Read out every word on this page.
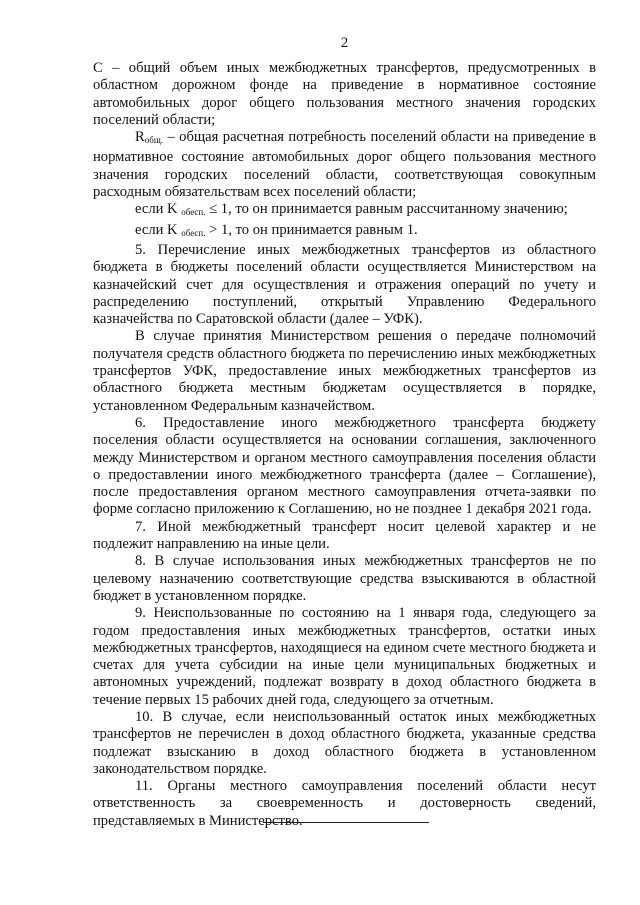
2

С – общий объем иных межбюджетных трансфертов, предусмотренных в областном дорожном фонде на приведение в нормативное состояние автомобильных дорог общего пользования местного значения городских поселений области;

$R_{общ.}$ – общая расчетная потребность поселений области на приведение в нормативное состояние автомобильных дорог общего пользования местного значения городских поселений области, соответствующая совокупным расходным обязательствам всех поселений области;

если K $_{обесп.}$ ≤ 1, то он принимается равным рассчитанному значению;

если K $_{обесп.}$ > 1, то он принимается равным 1.

5. Перечисление иных межбюджетных трансфертов из областного бюджета в бюджеты поселений области осуществляется Министерством на казначейский счет для осуществления и отражения операций по учету и распределению поступлений, открытый Управлению Федерального казначейства по Саратовской области (далее – УФК).

В случае принятия Министерством решения о передаче полномочий получателя средств областного бюджета по перечислению иных межбюджетных трансфертов УФК, предоставление иных межбюджетных трансфертов из областного бюджета местным бюджетам осуществляется в порядке, установленном Федеральным казначейством.

6. Предоставление иного межбюджетного трансферта бюджету поселения области осуществляется на основании соглашения, заключенного между Министерством и органом местного самоуправления поселения области о предоставлении иного межбюджетного трансферта (далее – Соглашение), после предоставления органом местного самоуправления отчета-заявки по форме согласно приложению к Соглашению, но не позднее 1 декабря 2021 года.

7. Иной межбюджетный трансферт носит целевой характер и не подлежит направлению на иные цели.

8. В случае использования иных межбюджетных трансфертов не по целевому назначению соответствующие средства взыскиваются в областной бюджет в установленном порядке.

9. Неиспользованные по состоянию на 1 января года, следующего за годом предоставления иных межбюджетных трансфертов, остатки иных межбюджетных трансфертов, находящиеся на едином счете местного бюджета и счетах для учета субсидии на иные цели муниципальных бюджетных и автономных учреждений, подлежат возврату в доход областного бюджета в течение первых 15 рабочих дней года, следующего за отчетным.

10. В случае, если неиспользованный остаток иных межбюджетных трансфертов не перечислен в доход областного бюджета, указанные средства подлежат взысканию в доход областного бюджета в установленном законодательством порядке.

11. Органы местного самоуправления поселений области несут ответственность за своевременность и достоверность сведений, представляемых в Министерство.
